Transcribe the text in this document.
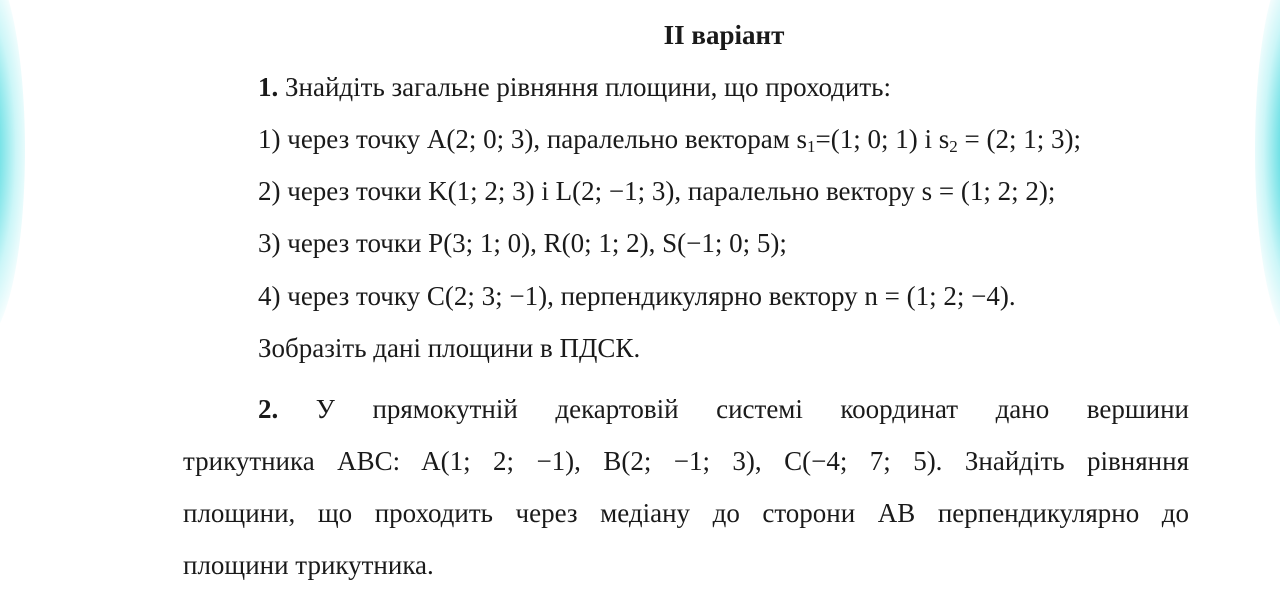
II варіант
1. Знайдіть загальне рівняння площини, що проходить:
1) через точку A(2; 0; 3), паралельно векторам $s_1=(1$; 0; 1) і $s_2 = (2$; 1; 3);
2) через точки K(1; 2; 3) і L(2; −1; 3), паралельно вектору s = (1; 2; 2);
3) через точки P(3; 1; 0), R(0; 1; 2), S(−1; 0; 5);
4) через точку C(2; 3; −1), перпендикулярно вектору n = (1; 2; −4).
Зобразіть дані площини в ПДСК.
2. У прямокутній декартовій системі координат дано вершини
трикутника ABC: A(1; 2; −1), B(2; −1; 3), C(−4; 7; 5). Знайдіть рівняння
площини, що проходить через медіану до сторони AB перпендикулярно до
площини трикутника.
